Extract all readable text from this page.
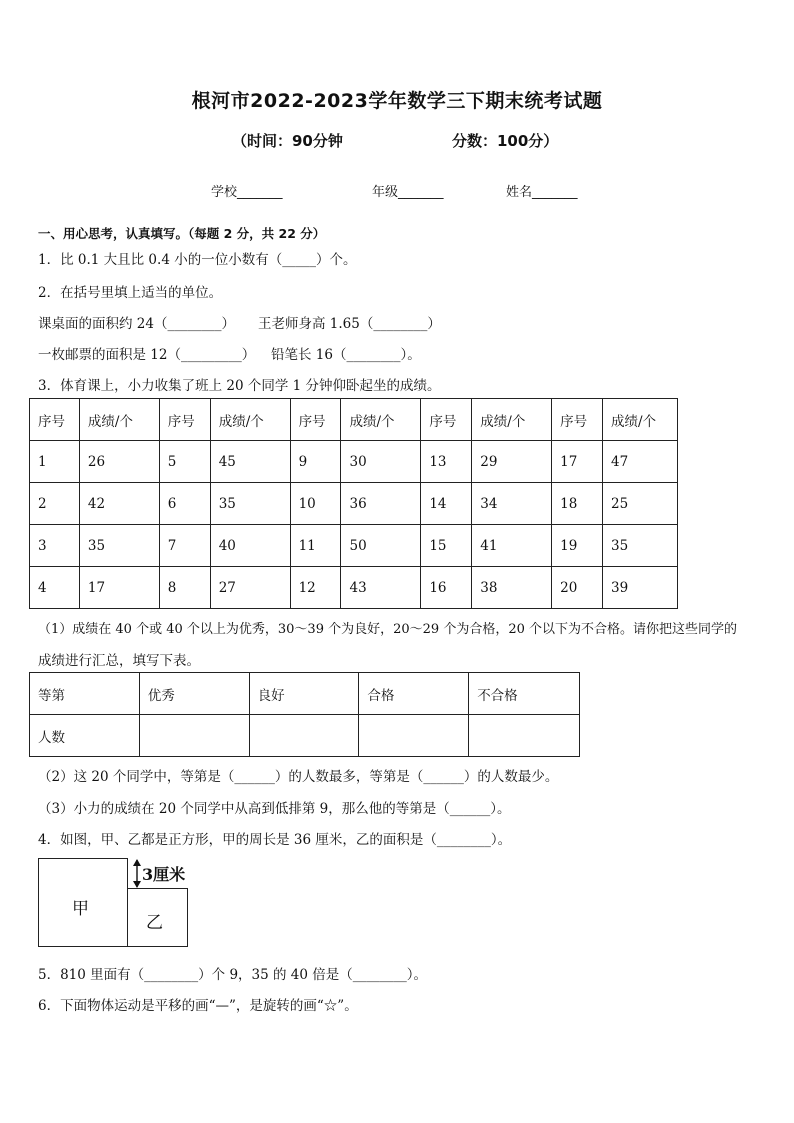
根河市2022-2023学年数学三下期末统考试题
（时间：90分钟	分数：100分）
学校_______	年级_______	姓名_______
一、用心思考，认真填写。（每题 2 分，共 22 分）
1．比 0.1 大且比 0.4 小的一位小数有（_____）个。
2．在括号里填上适当的单位。
课桌面的面积约 24（________） 王老师身高 1.65（________）
一枚邮票的面积是 12（_________） 铅笔长 16（________）。
3．体育课上，小力收集了班上 20 个同学 1 分钟仰卧起坐的成绩。
序号	成绩/个	序号	成绩/个	序号	成绩/个	序号	成绩/个	序号	成绩/个
1	26	5	45	9	30	13	29	17	47
2	42	6	35	10	36	14	34	18	25
3	35	7	40	11	50	15	41	19	35
4	17	8	27	12	43	16	38	20	39
（1）成绩在 40 个或 40 个以上为优秀，30～39 个为良好，20～29 个为合格，20 个以下为不合格。请你把这些同学的
成绩进行汇总，填写下表。
等第	优秀	良好	合格	不合格
人数				
（2）这 20 个同学中，等第是（______）的人数最多，等第是（______）的人数最少。
（3）小力的成绩在 20 个同学中从高到低排第 9，那么他的等第是（______）。
4．如图，甲、乙都是正方形，甲的周长是 36 厘米，乙的面积是（________）。
甲
乙
3厘米
5．810 里面有（________）个 9，35 的 40 倍是（________）。
6．下面物体运动是平移的画“—”，是旋转的画“☆”。
